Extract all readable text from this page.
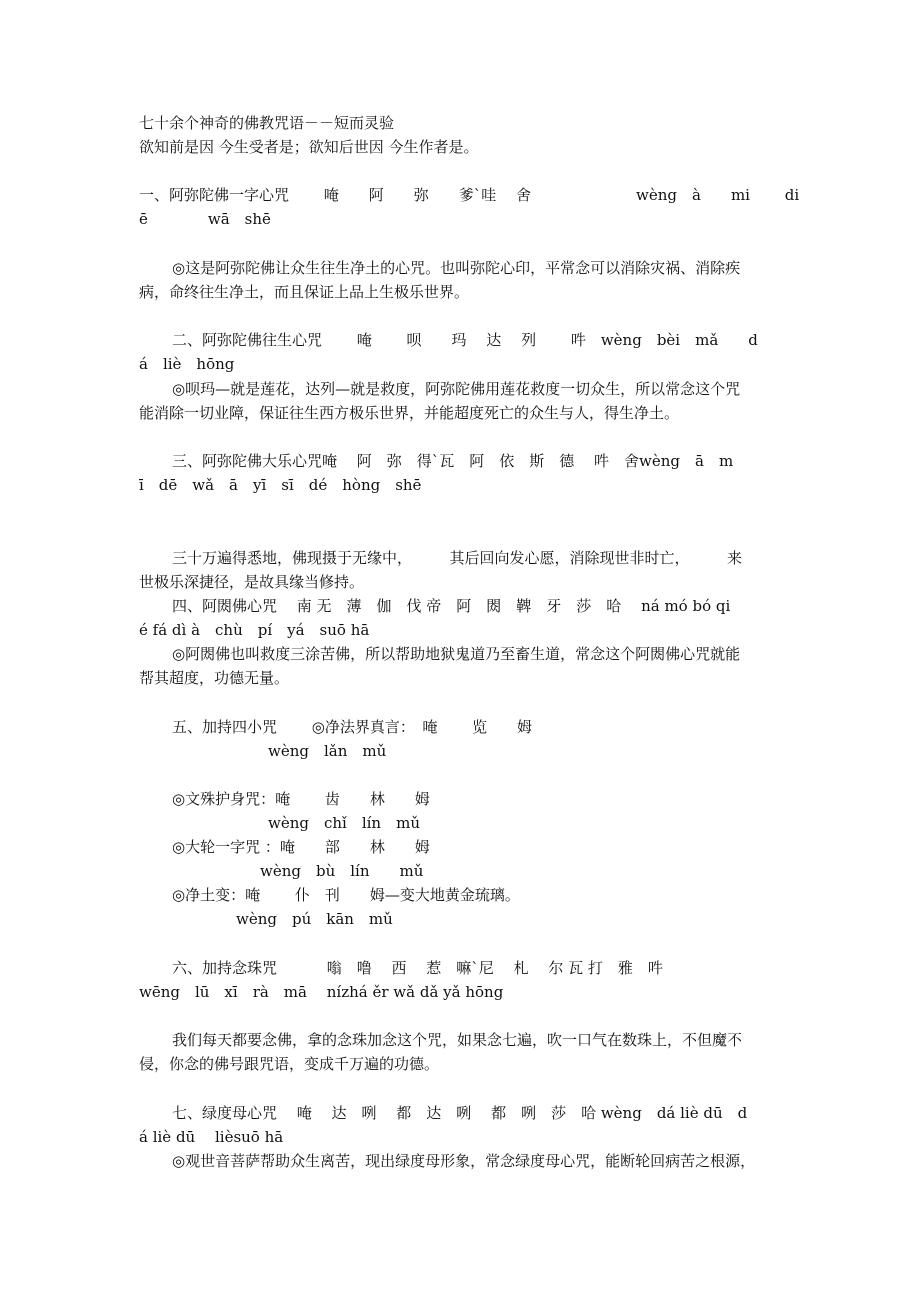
七十余个神奇的佛教咒语－－短而灵验
欲知前是因 今生受者是；欲知后世因 今生作者是。
一、阿弥陀佛一字心咒　　 唵　　阿　　弥　　爹ˋ哇　 舍　　　　　　　wèng　à　　mi　　 di
ē　　　　wā　shē
◎这是阿弥陀佛让众生往生净土的心咒。也叫弥陀心印，平常念可以消除灾祸、消除疾
病，命终往生净土，而且保证上品上生极乐世界。
二、阿弥陀佛往生心咒　　 唵　　 呗　　玛　 达　 列　　 吽　wèng　bèi　mǎ　　d
á　liè　hōng
◎呗玛—就是莲花，达列—就是救度，阿弥陀佛用莲花救度一切众生，所以常念这个咒
能消除一切业障，保证往生西方极乐世界，并能超度死亡的众生与人，得生净土。
三、阿弥陀佛大乐心咒唵　 阿　弥　得ˋ瓦　阿　依　斯　德　 吽　舍wèng　ā　m
ī　dē　wǎ　ā　yī　sī　dé　hòng　shē
三十万遍得悉地，佛现摄于无缘中，　　　其后回向发心愿，消除现世非时亡，　　　来
世极乐深捷径，是故具缘当修持。
四、阿閦佛心咒　 南 无　薄　伽　伐 帝　阿　閦　鞞　牙　莎　哈　 ná mó bó qi
é fá dì à　chù　pí　yá　suō hā
◎阿閦佛也叫救度三涂苦佛，所以帮助地狱鬼道乃至畜生道，常念这个阿閦佛心咒就能
帮其超度，功德无量。
五、加持四小咒　　 ◎净法界真言：　唵　　 览　　姆
wèng　lǎn　mǔ
◎文殊护身咒：唵　　 齿　　林　　姆
wèng　chǐ　lín　mǔ
◎大轮一字咒 ：唵　　部　　林　　姆
wèng　bù　lín　　mǔ
◎净土变：唵　　 仆　刊　　姆—变大地黄金琉璃。
wèng　pú　kān　mǔ
六、加持念珠咒　　　 嗡　噜　 西　 惹　嘛ˋ尼　 札　 尔 瓦 打　雅　吽
wēng　lū　xī　rà　mā　 nízhá ěr wǎ dǎ yǎ hōng
我们每天都要念佛，拿的念珠加念这个咒，如果念七遍，吹一口气在数珠上，不但魔不
侵，你念的佛号跟咒语，变成千万遍的功德。
七、绿度母心咒　 唵　 达　咧　 都　达　咧　 都　咧　莎　哈 wèng　dá liè dū　d
á liè dū　 lièsuō hā
◎观世音菩萨帮助众生离苦，现出绿度母形象，常念绿度母心咒，能断轮回病苦之根源，
